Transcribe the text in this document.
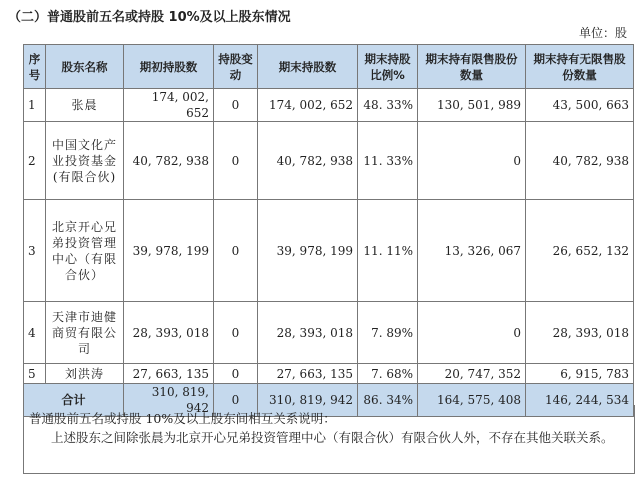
（二）普通股前五名或持股 10%及以上股东情况
单位：股
序号	股东名称	期初持股数	持股变动	期末持股数	期末持股比例%	期末持有限售股份数量	期末持有无限售股份数量
1	张晨	174, 002, 652	0	174, 002, 652	48. 33%	130, 501, 989	43, 500, 663
2	中国文化产业投资基金(有限合伙)	40, 782, 938	0	40, 782, 938	11. 33%	0	40, 782, 938
3	北京开心兄弟投资管理中心（有限合伙）	39, 978, 199	0	39, 978, 199	11. 11%	13, 326, 067	26, 652, 132
4	天津市迪健商贸有限公司	28, 393, 018	0	28, 393, 018	7. 89%	0	28, 393, 018
5	刘洪涛	27, 663, 135	0	27, 663, 135	7. 68%	20, 747, 352	6, 915, 783
合计		310, 819, 942	0	310, 819, 942	86. 34%	164, 575, 408	146, 244, 534

普通股前五名或持股 10%及以上股东间相互关系说明：

上述股东之间除张晨为北京开心兄弟投资管理中心（有限合伙）有限合伙人外，不存在其他关联关系。
